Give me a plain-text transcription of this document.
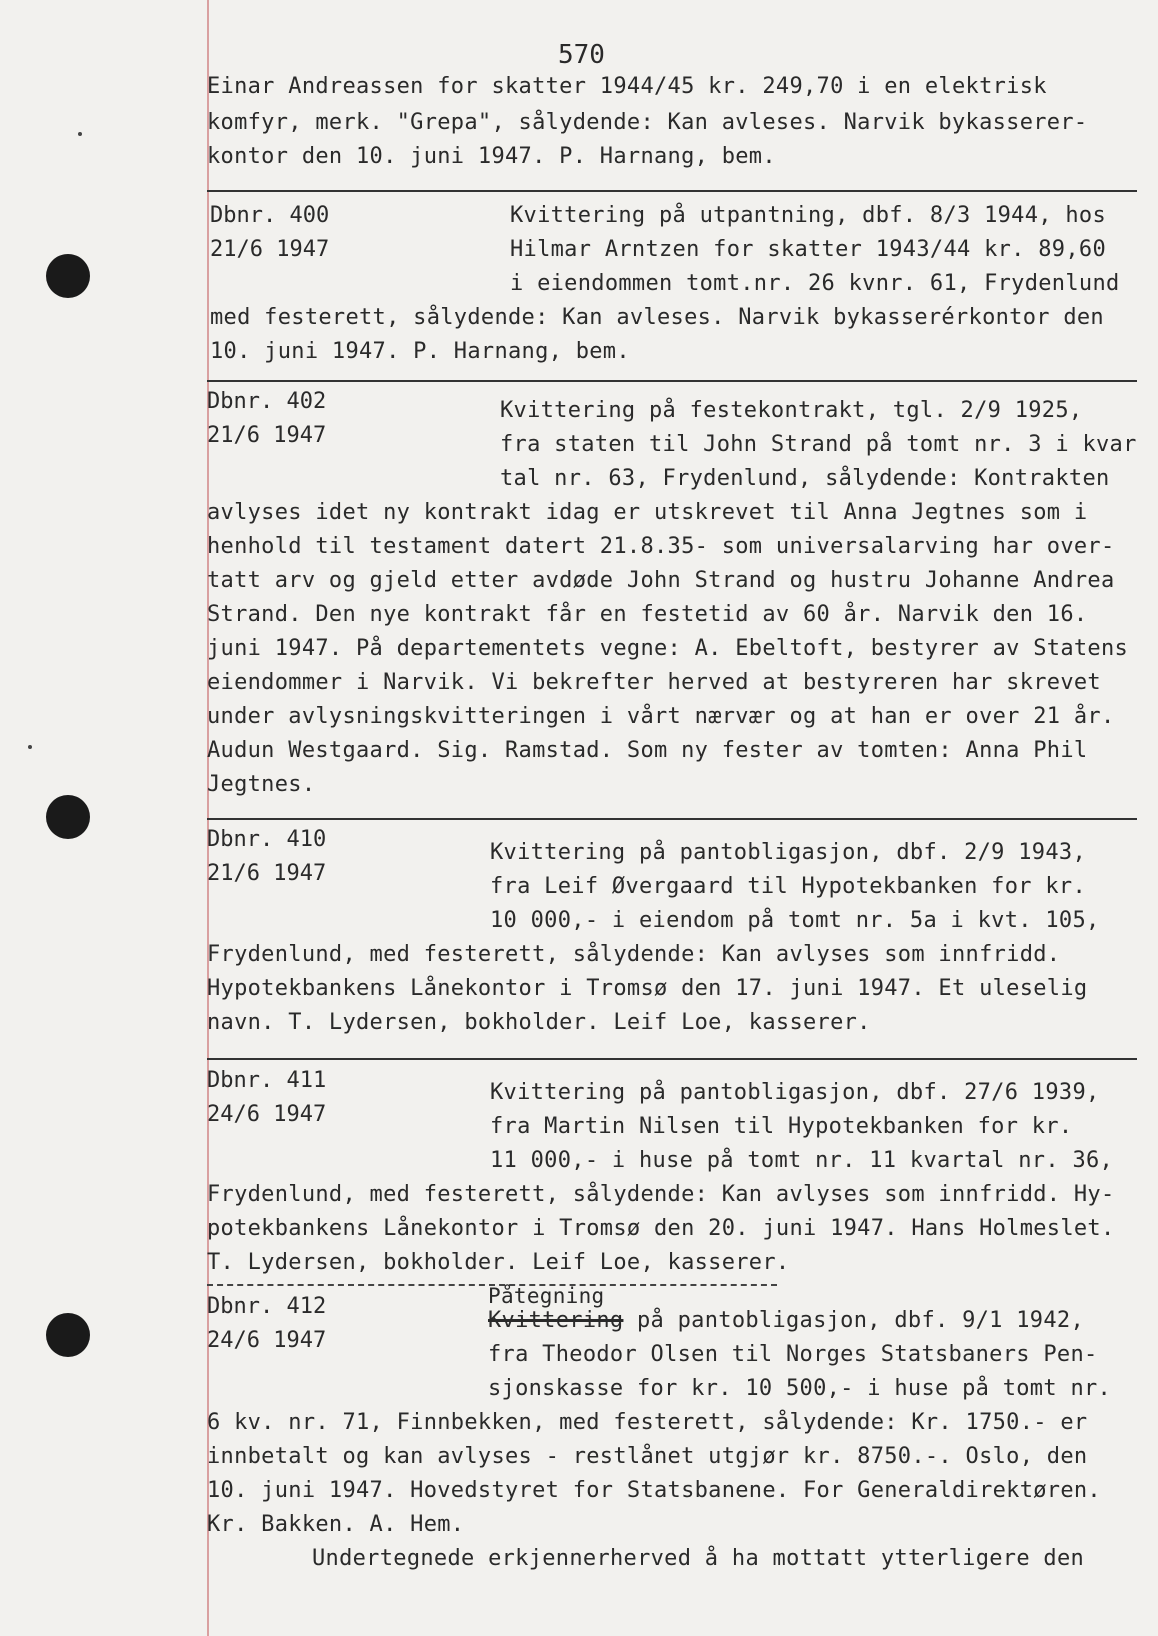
570
Einar Andreassen for skatter 1944/45 kr. 249,70 i en elektrisk
komfyr, merk. "Grepa", sålydende: Kan avleses. Narvik bykasserer-
kontor den 10. juni 1947. P. Harnang, bem.
Dbnr. 400
21/6 1947
Kvittering på utpantning, dbf. 8/3 1944, hos
Hilmar Arntzen for skatter 1943/44 kr. 89,60
i eiendommen tomt.nr. 26 kvnr. 61, Frydenlund
med festerett, sålydende: Kan avleses. Narvik bykasserérkontor den
10. juni 1947. P. Harnang, bem.
Dbnr. 402
21/6 1947
Kvittering på festekontrakt, tgl. 2/9 1925,
fra staten til John Strand på tomt nr. 3 i kvar
tal nr. 63, Frydenlund, sålydende: Kontrakten
avlyses idet ny kontrakt idag er utskrevet til Anna Jegtnes som i
henhold til testament datert 21.8.35- som universalarving har over-
tatt arv og gjeld etter avdøde John Strand og hustru Johanne Andrea
Strand. Den nye kontrakt får en festetid av 60 år. Narvik den 16.
juni 1947. På departementets vegne: A. Ebeltoft, bestyrer av Statens
eiendommer i Narvik. Vi bekrefter herved at bestyreren har skrevet
under avlysningskvitteringen i vårt nærvær og at han er over 21 år.
Audun Westgaard. Sig. Ramstad. Som ny fester av tomten: Anna Phil
Jegtnes.
Dbnr. 410
21/6 1947
Kvittering på pantobligasjon, dbf. 2/9 1943,
fra Leif Øvergaard til Hypotekbanken for kr.
10 000,- i eiendom på tomt nr. 5a i kvt. 105,
Frydenlund, med festerett, sålydende: Kan avlyses som innfridd.
Hypotekbankens Lånekontor i Tromsø den 17. juni 1947. Et uleselig
navn. T. Lydersen, bokholder. Leif Loe, kasserer.
Dbnr. 411
24/6 1947
Kvittering på pantobligasjon, dbf. 27/6 1939,
fra Martin Nilsen til Hypotekbanken for kr.
11 000,- i huse på tomt nr. 11 kvartal nr. 36,
Frydenlund, med festerett, sålydende: Kan avlyses som innfridd. Hy-
potekbankens Lånekontor i Tromsø den 20. juni 1947. Hans Holmeslet.
T. Lydersen, bokholder. Leif Loe, kasserer.
Dbnr. 412
24/6 1947
Påtegning
Kvittering på pantobligasjon, dbf. 9/1 1942,
fra Theodor Olsen til Norges Statsbaners Pen-
sjonskasse for kr. 10 500,- i huse på tomt nr.
6 kv. nr. 71, Finnbekken, med festerett, sålydende: Kr. 1750.- er
innbetalt og kan avlyses - restlånet utgjør kr. 8750.-. Oslo, den
10. juni 1947. Hovedstyret for Statsbanene. For Generaldirektøren.
Kr. Bakken. A. Hem.
Undertegnede erkjennerherved å ha mottatt ytterligere den
